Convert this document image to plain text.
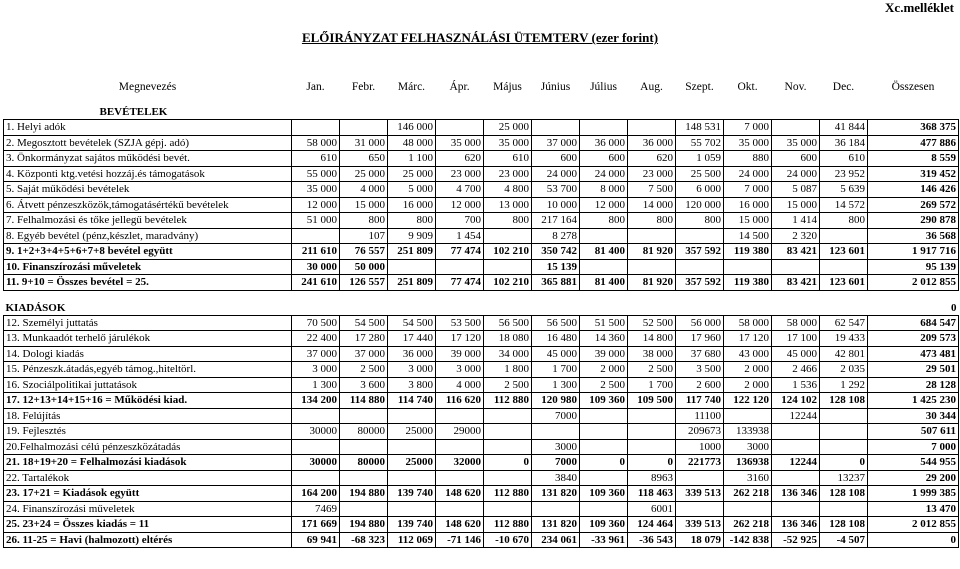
Xc.melléklet
ELŐIRÁNYZAT FELHASZNÁLÁSI ÜTEMTERV (ezer forint)
Megnevezés	Jan.	Febr.	Márc.	Ápr.	Május	Június	Július	Aug.	Szept.	Okt.	Nov.	Dec.	Összesen

BEVÉTELEK													
1. Helyi adók			146 000		25 000				148 531	7 000		41 844	368 375
2. Megosztott bevételek (SZJA gépj. adó)	58 000	31 000	48 000	35 000	35 000	37 000	36 000	36 000	55 702	35 000	35 000	36 184	477 886
3. Önkormányzat sajátos működési bevét.	610	650	1 100	620	610	600	600	620	1 059	880	600	610	8 559
4. Központi ktg.vetési hozzáj.és támogatások	55 000	25 000	25 000	23 000	23 000	24 000	24 000	23 000	25 500	24 000	24 000	23 952	319 452
5. Saját működési bevételek	35 000	4 000	5 000	4 700	4 800	53 700	8 000	7 500	6 000	7 000	5 087	5 639	146 426
6. Átvett pénzeszközök,támogatásértékű bevételek	12 000	15 000	16 000	12 000	13 000	10 000	12 000	14 000	120 000	16 000	15 000	14 572	269 572
7. Felhalmozási és tőke jellegű bevételek	51 000	800	800	700	800	217 164	800	800	800	15 000	1 414	800	290 878
8. Egyéb bevétel (pénz,készlet, maradvány)		107	9 909	1 454		8 278				14 500	2 320		36 568
9. 1+2+3+4+5+6+7+8 bevétel együtt	211 610	76 557	251 809	77 474	102 210	350 742	81 400	81 920	357 592	119 380	83 421	123 601	1 917 716
10. Finanszírozási műveletek	30 000	50 000				15 139							95 139
11. 9+10 = Összes bevétel = 25.	241 610	126 557	251 809	77 474	102 210	365 881	81 400	81 920	357 592	119 380	83 421	123 601	2 012 855

KIADÁSOK													0
12. Személyi juttatás	70 500	54 500	54 500	53 500	56 500	56 500	51 500	52 500	56 000	58 000	58 000	62 547	684 547
13. Munkaadót terhelő járulékok	22 400	17 280	17 440	17 120	18 080	16 480	14 360	14 800	17 960	17 120	17 100	19 433	209 573
14. Dologi kiadás	37 000	37 000	36 000	39 000	34 000	45 000	39 000	38 000	37 680	43 000	45 000	42 801	473 481
15. Pénzeszk.átadás,egyéb támog.,hiteltörl.	3 000	2 500	3 000	3 000	1 800	1 700	2 000	2 500	3 500	2 000	2 466	2 035	29 501
16. Szociálpolitikai juttatások	1 300	3 600	3 800	4 000	2 500	1 300	2 500	1 700	2 600	2 000	1 536	1 292	28 128
17. 12+13+14+15+16 = Működési kiad.	134 200	114 880	114 740	116 620	112 880	120 980	109 360	109 500	117 740	122 120	124 102	128 108	1 425 230
18. Felújítás						7000			11100		12244		30 344
19. Fejlesztés	30000	80000	25000	29000					209673	133938			507 611
20.Felhalmozási célú pénzeszközátadás						3000			1000	3000			7 000
21. 18+19+20 = Felhalmozási kiadások	30000	80000	25000	32000	0	7000	0	0	221773	136938	12244	0	544 955
22. Tartalékok						3840		8963		3160		13237	29 200
23. 17+21 = Kiadások együtt	164 200	194 880	139 740	148 620	112 880	131 820	109 360	118 463	339 513	262 218	136 346	128 108	1 999 385
24. Finanszírozási műveletek	7469							6001					13 470
25. 23+24 = Összes kiadás = 11	171 669	194 880	139 740	148 620	112 880	131 820	109 360	124 464	339 513	262 218	136 346	128 108	2 012 855
26. 11-25 = Havi (halmozott) eltérés	69 941	-68 323	112 069	-71 146	-10 670	234 061	-33 961	-36 543	18 079	-142 838	-52 925	-4 507	0
